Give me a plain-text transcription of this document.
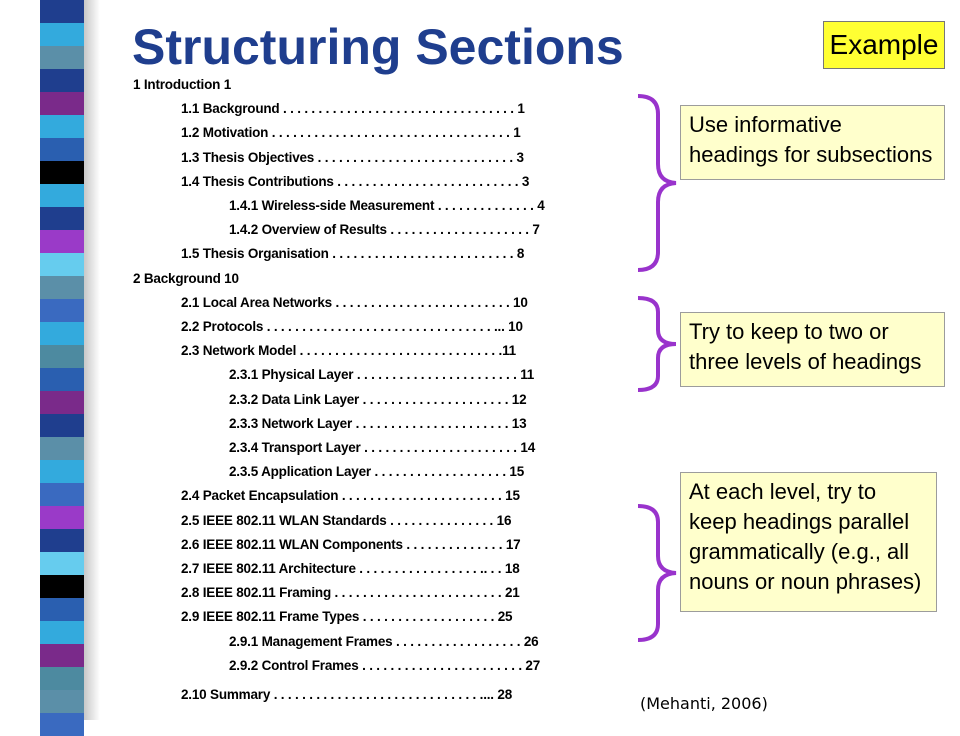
Structuring Sections	Example
1 Introduction 1
1.1 Background . . . . . . . . . . . . . . . . . . . . . . . . . . . . . . . . . 1
1.2 Motivation . . . . . . . . . . . . . . . . . . . . . . . . . . . . . . . . . . 1
1.3 Thesis Objectives . . . . . . . . . . . . . . . . . . . . . . . . . . . . 3
1.4 Thesis Contributions . . . . . . . . . . . . . . . . . . . . . . . . . . 3
1.4.1 Wireless-side Measurement . . . . . . . . . . . . . . 4
1.4.2 Overview of Results . . . . . . . . . . . . . . . . . . . . 7
1.5 Thesis Organisation . . . . . . . . . . . . . . . . . . . . . . . . . . 8
2 Background 10
2.1 Local Area Networks . . . . . . . . . . . . . . . . . . . . . . . . . 10
2.2 Protocols . . . . . . . . . . . . . . . . . . . . . . . . . . . . . . . . ... 10
2.3 Network Model . . . . . . . . . . . . . . . . . . . . . . . . . . . . .11
2.3.1 Physical Layer . . . . . . . . . . . . . . . . . . . . . . . 11
2.3.2 Data Link Layer . . . . . . . . . . . . . . . . . . . . . 12
2.3.3 Network Layer . . . . . . . . . . . . . . . . . . . . . . 13
2.3.4 Transport Layer . . . . . . . . . . . . . . . . . . . . . . 14
2.3.5 Application Layer . . . . . . . . . . . . . . . . . . . 15
2.4 Packet Encapsulation . . . . . . . . . . . . . . . . . . . . . . . 15
2.5 IEEE 802.11 WLAN Standards . . . . . . . . . . . . . . . 16
2.6 IEEE 802.11 WLAN Components . . . . . . . . . . . . . . 17
2.7 IEEE 802.11 Architecture . . . . . . . . . . . . . . . . . .. . . 18
2.8 IEEE 802.11 Framing . . . . . . . . . . . . . . . . . . . . . . . . 21
2.9 IEEE 802.11 Frame Types . . . . . . . . . . . . . . . . . . . 25
2.9.1 Management Frames . . . . . . . . . . . . . . . . . . 26
2.9.2 Control Frames . . . . . . . . . . . . . . . . . . . . . . . 27
2.10 Summary . . . . . . . . . . . . . . . . . . . . . . . . . . . . . .... 28
Use informative
headings for subsections
Try to keep to two or
three levels of headings
At each level, try to
keep headings parallel
grammatically (e.g., all
nouns or noun phrases)
(Mehanti, 2006)
